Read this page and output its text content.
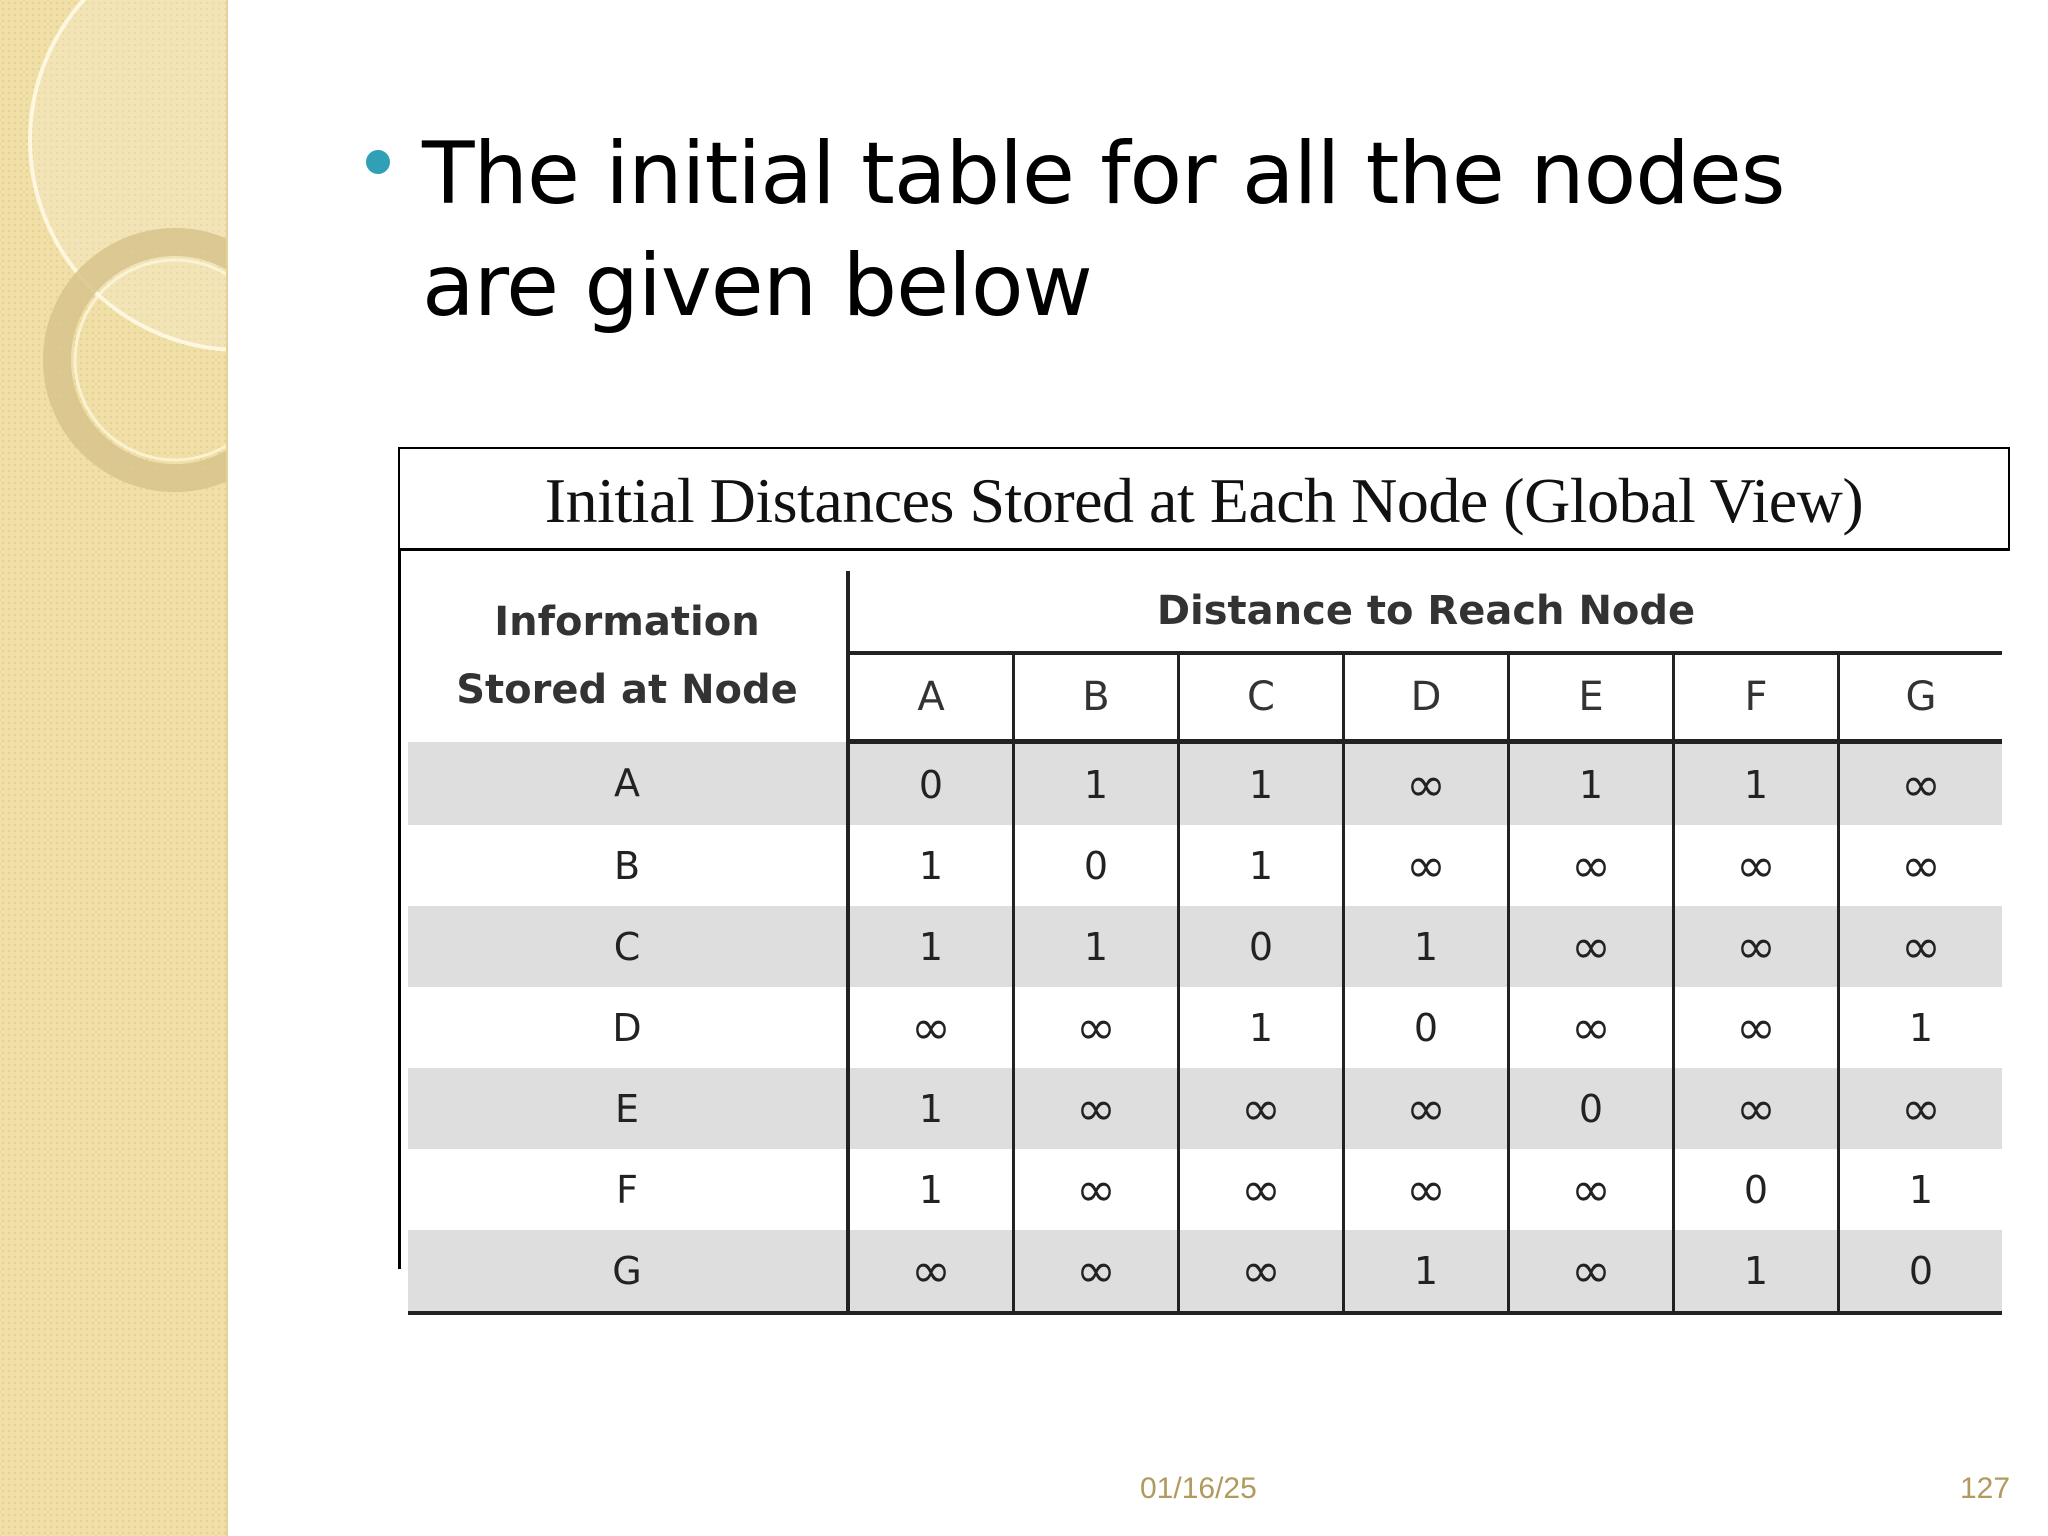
The initial table for all the nodes are given below

Initial Distances Stored at Each Node (Global View)
Information
Stored at Node	Distance to Reach Node						
	A	B	C	D	E	F	G
A	0	1	1	∞	1	1	∞
B	1	0	1	∞	∞	∞	∞
C	1	1	0	1	∞	∞	∞
D	∞	∞	1	0	∞	∞	1
E	1	∞	∞	∞	0	∞	∞
F	1	∞	∞	∞	∞	0	1
G	∞	∞	∞	1	∞	1	0
01/16/25	127
